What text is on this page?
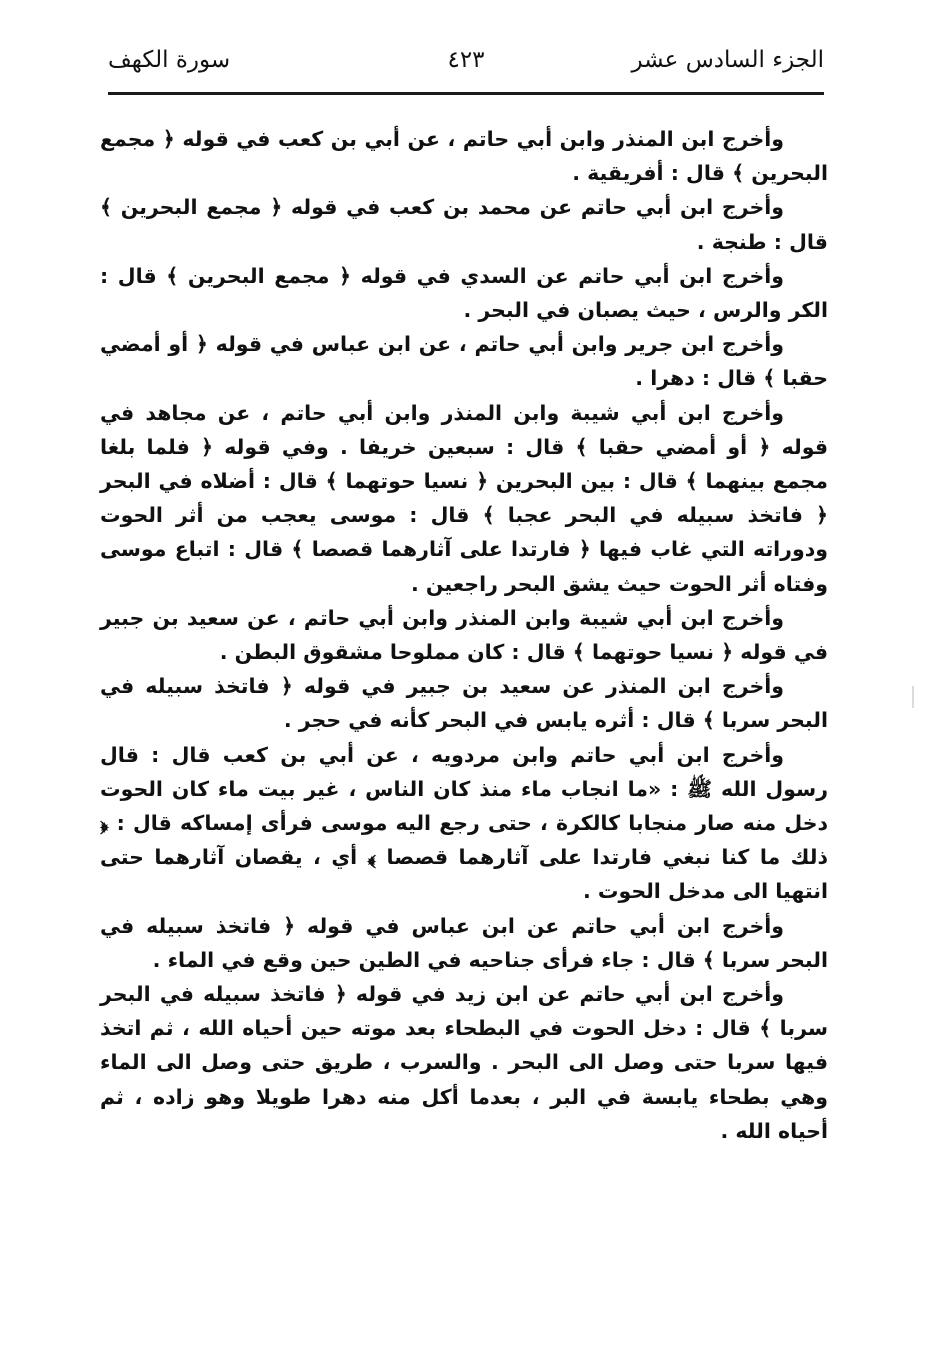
الجزء السادس عشر
٤٢٣
سورة الكهف

وأخرج ابن المنذر وابن أبي حاتم ، عن أبي بن كعب في قوله ﴿ مجمع البحرين ﴾ قال : أفريقية .

وأخرج ابن أبي حاتم عن محمد بن كعب في قوله ﴿ مجمع البحرين ﴾ قال : طنجة .

وأخرج ابن أبي حاتم عن السدي في قوله ﴿ مجمع البحرين ﴾ قال : الكر والرس ، حيث يصبان في البحر .

وأخرج ابن جرير وابن أبي حاتم ، عن ابن عباس في قوله ﴿ أو أمضي حقبا ﴾ قال : دهرا .

وأخرج ابن أبي شيبة وابن المنذر وابن أبي حاتم ، عن مجاهد في قوله ﴿ أو أمضي حقبا ﴾ قال : سبعين خريفا . وفي قوله ﴿ فلما بلغا مجمع بينهما ﴾ قال : بين البحرين ﴿ نسيا حوتهما ﴾ قال : أضلاه في البحر ﴿ فاتخذ سبيله في البحر عجبا ﴾ قال : موسى يعجب من أثر الحوت ودوراته التي غاب فيها ﴿ فارتدا على آثارهما قصصا ﴾ قال : اتباع موسى وفتاه أثر الحوت حيث يشق البحر راجعين .

وأخرج ابن أبي شيبة وابن المنذر وابن أبي حاتم ، عن سعيد بن جبير في قوله ﴿ نسيا حوتهما ﴾ قال : كان مملوحا مشقوق البطن .

وأخرج ابن المنذر عن سعيد بن جبير في قوله ﴿ فاتخذ سبيله في البحر سربا ﴾ قال : أثره يابس في البحر كأنه في حجر .

وأخرج ابن أبي حاتم وابن مردويه ، عن أبي بن كعب قال : قال رسول الله ﷺ : «ما انجاب ماء منذ كان الناس ، غير بيت ماء كان الحوت دخل منه صار منجابا كالكرة ، حتى رجع اليه موسى فرأى إمساكه قال : ﴿ ذلك ما كنا نبغي فارتدا على آثارهما قصصا ﴾ أي ، يقصان آثارهما حتى انتهيا الى مدخل الحوت .

وأخرج ابن أبي حاتم عن ابن عباس في قوله ﴿ فاتخذ سبيله في البحر سربا ﴾ قال : جاء فرأى جناحيه في الطين حين وقع في الماء .

وأخرج ابن أبي حاتم عن ابن زيد في قوله ﴿ فاتخذ سبيله في البحر سربا ﴾ قال : دخل الحوت في البطحاء بعد موته حين أحياه الله ، ثم اتخذ فيها سربا حتى وصل الى البحر . والسرب ، طريق حتى وصل الى الماء وهي بطحاء يابسة في البر ، بعدما أكل منه دهرا طويلا وهو زاده ، ثم أحياه الله .
